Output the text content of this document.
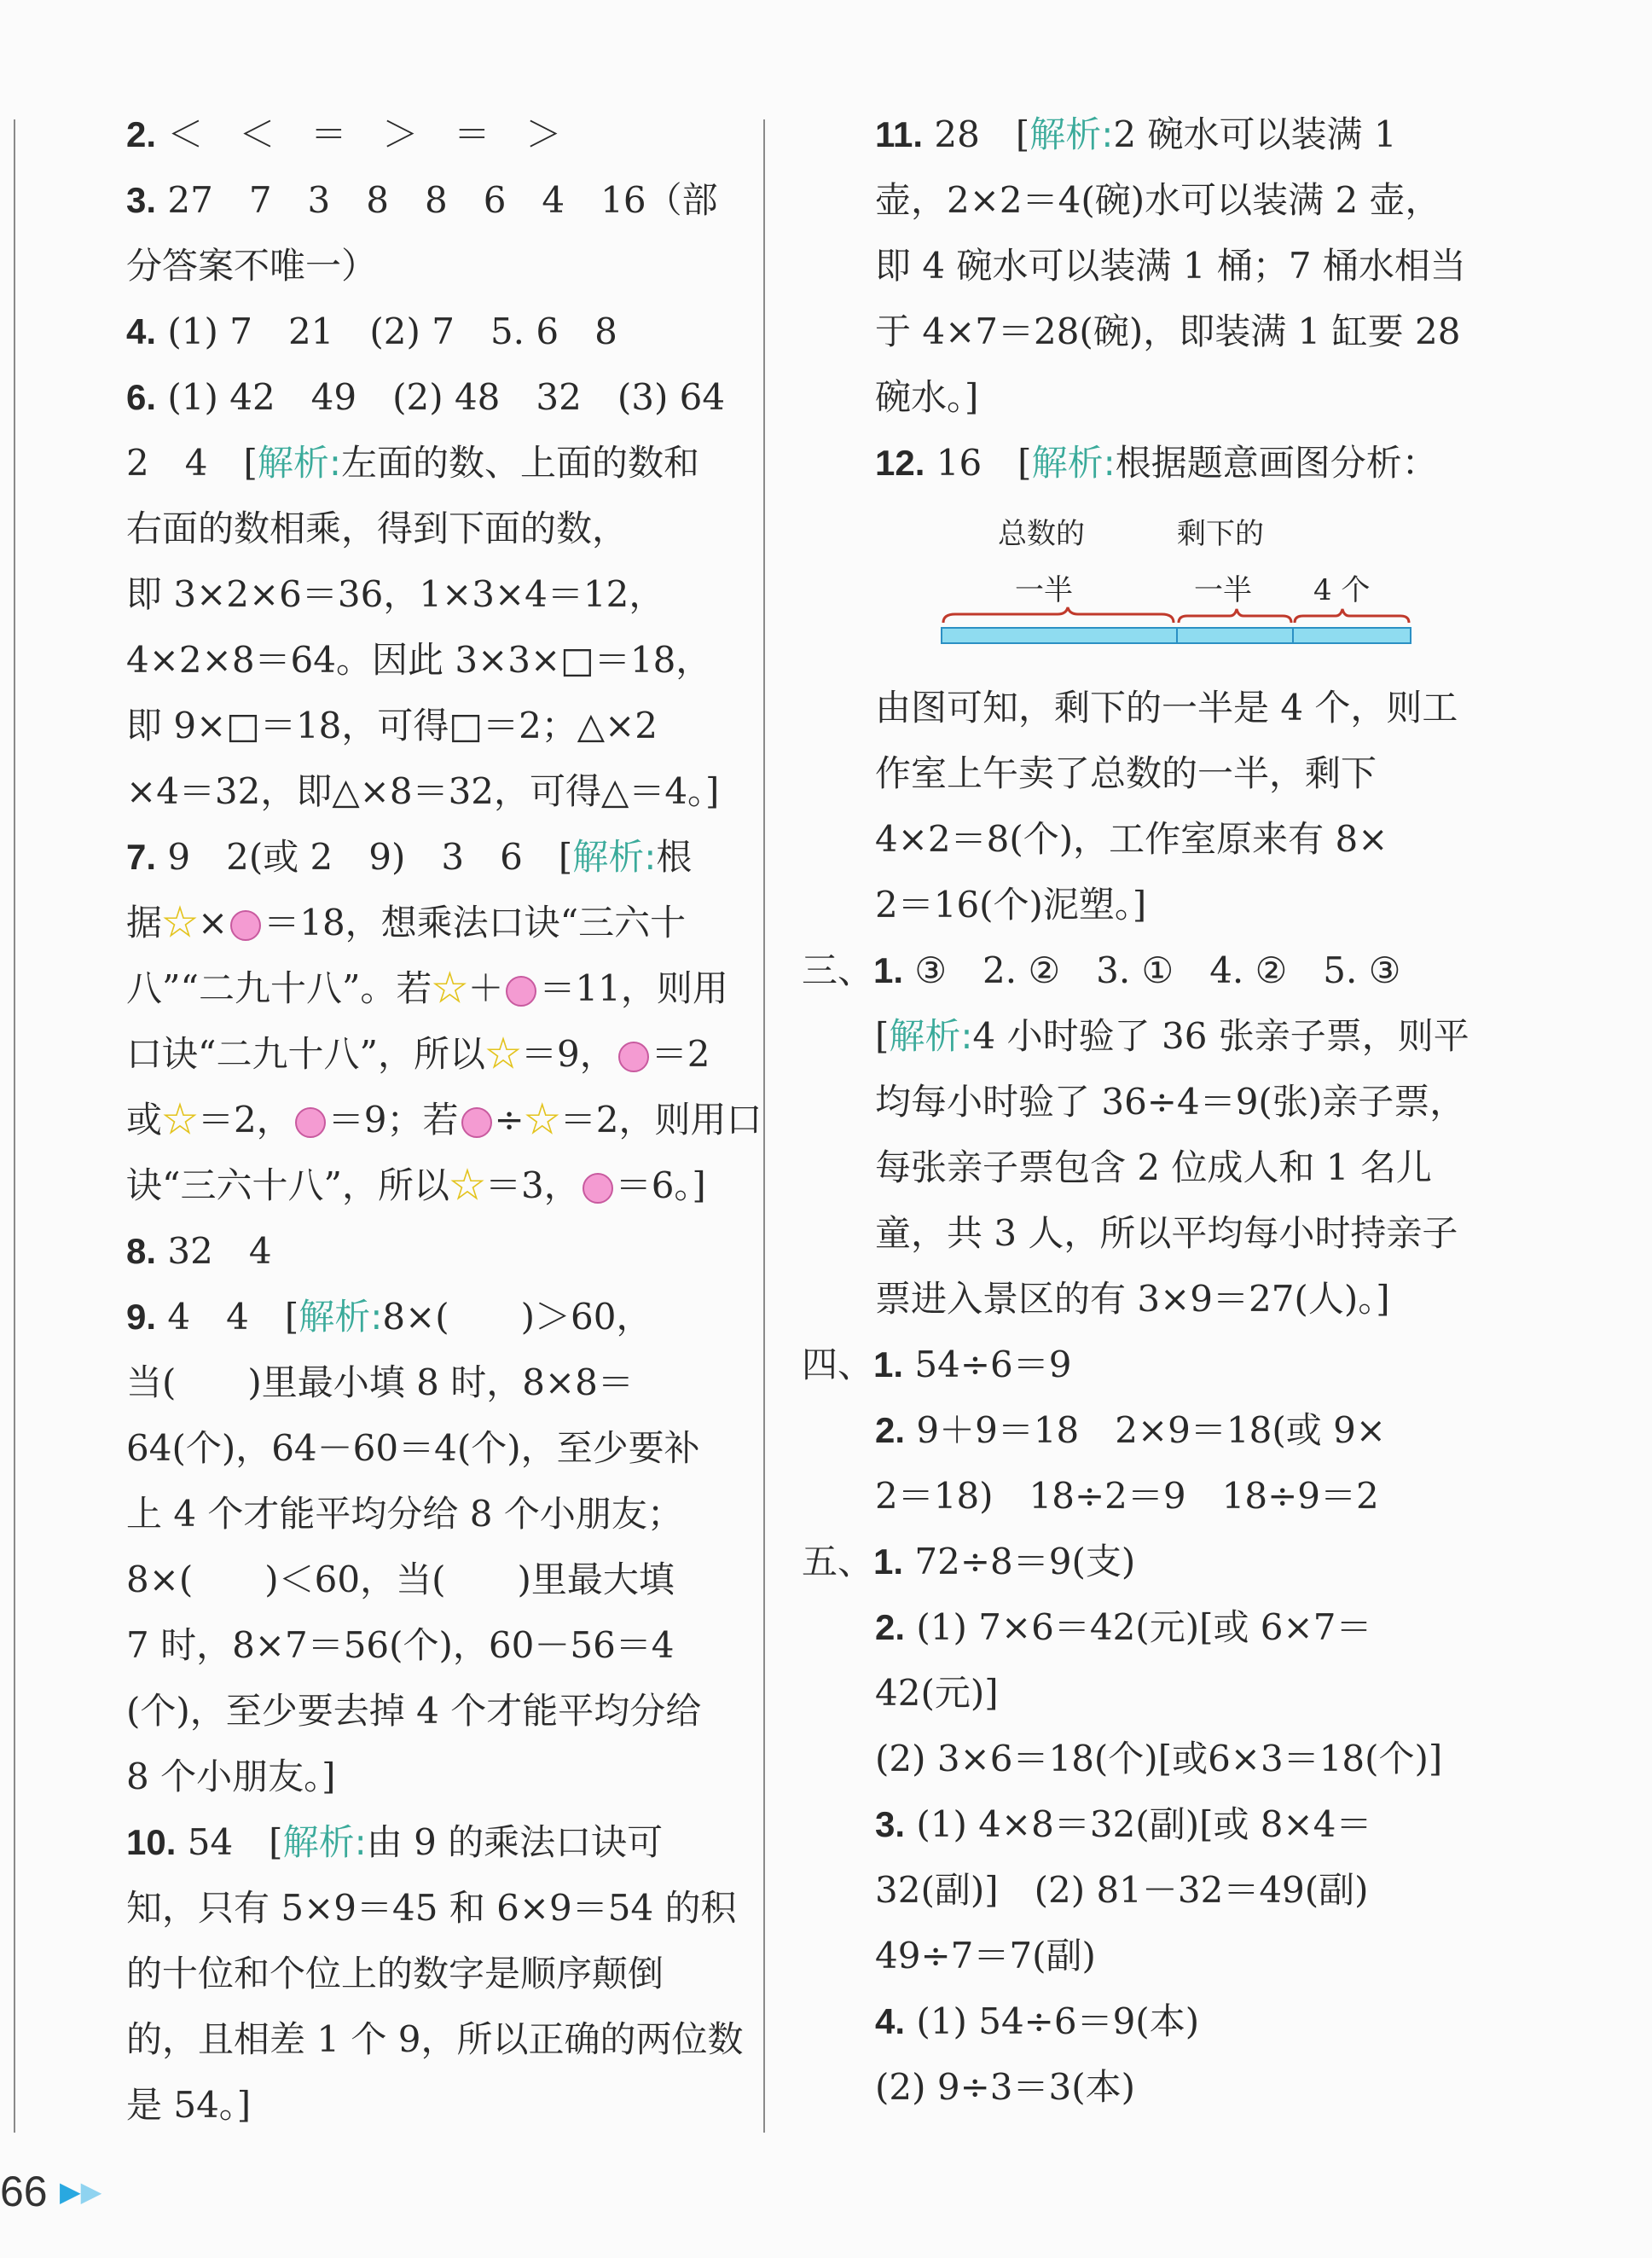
2. ＜　＜　＝　＞　＝　＞
3. 27　7　3　8　8　6　4　16（部
分答案不唯一）
4. (1) 7　21　(2) 7　5. 6　8
6. (1) 42　49　(2) 48　32　(3) 64
2　4　[解析:左面的数、上面的数和
右面的数相乘，得到下面的数，
即 3×2×6＝36，1×3×4＝12，
4×2×8＝64。因此 3×3×□＝18，
即 9×□＝18，可得□＝2；△×2
×4＝32，即△×8＝32，可得△＝4。]
7. 9　2(或 2　9)　3　6　[解析:根
据☆× ＝18，想乘法口诀“三六十
八”“二九十八”。若☆＋ ＝11，则用
口诀“二九十八”，所以☆＝9， ＝2
或☆＝2， ＝9；若 ÷☆＝2，则用口
诀“三六十八”，所以☆＝3， ＝6。]
8. 32　4
9. 4　4　[解析:8×(　　)＞60，
当(　　)里最小填 8 时，8×8＝
64(个)，64－60＝4(个)，至少要补
上 4 个才能平均分给 8 个小朋友；
8×(　　)＜60，当(　　)里最大填
7 时，8×7＝56(个)，60－56＝4
(个)，至少要去掉 4 个才能平均分给
8 个小朋友。]
10. 54　[解析:由 9 的乘法口诀可
知，只有 5×9＝45 和 6×9＝54 的积
的十位和个位上的数字是顺序颠倒
的，且相差 1 个 9，所以正确的两位数
是 54。]
11. 28　[解析:2 碗水可以装满 1
壶，2×2＝4(碗)水可以装满 2 壶，
即 4 碗水可以装满 1 桶；7 桶水相当
于 4×7＝28(碗)，即装满 1 缸要 28
碗水。]
12. 16　[解析:根据题意画图分析：
总数的
一半
剩下的
一半 4 个
由图可知，剩下的一半是 4 个，则工
作室上午卖了总数的一半，剩下
4×2＝8(个)，工作室原来有 8×
2＝16(个)泥塑。]
三、1. ③　2. ②　3. ①　4. ②　5. ③
[解析:4 小时验了 36 张亲子票，则平
均每小时验了 36÷4＝9(张)亲子票，
每张亲子票包含 2 位成人和 1 名儿
童，共 3 人，所以平均每小时持亲子
票进入景区的有 3×9＝27(人)。]
四、1. 54÷6＝9
2. 9＋9＝18　2×9＝18(或 9×
2＝18)　18÷2＝9　18÷9＝2
五、1. 72÷8＝9(支)
2. (1) 7×6＝42(元)[或 6×7＝
42(元)]
(2) 3×6＝18(个)[或6×3＝18(个)]
3. (1) 4×8＝32(副)[或 8×4＝
32(副)]　(2) 81－32＝49(副)
49÷7＝7(副)
4. (1) 54÷6＝9(本)
(2) 9÷3＝3(本)
66 ▶▶
